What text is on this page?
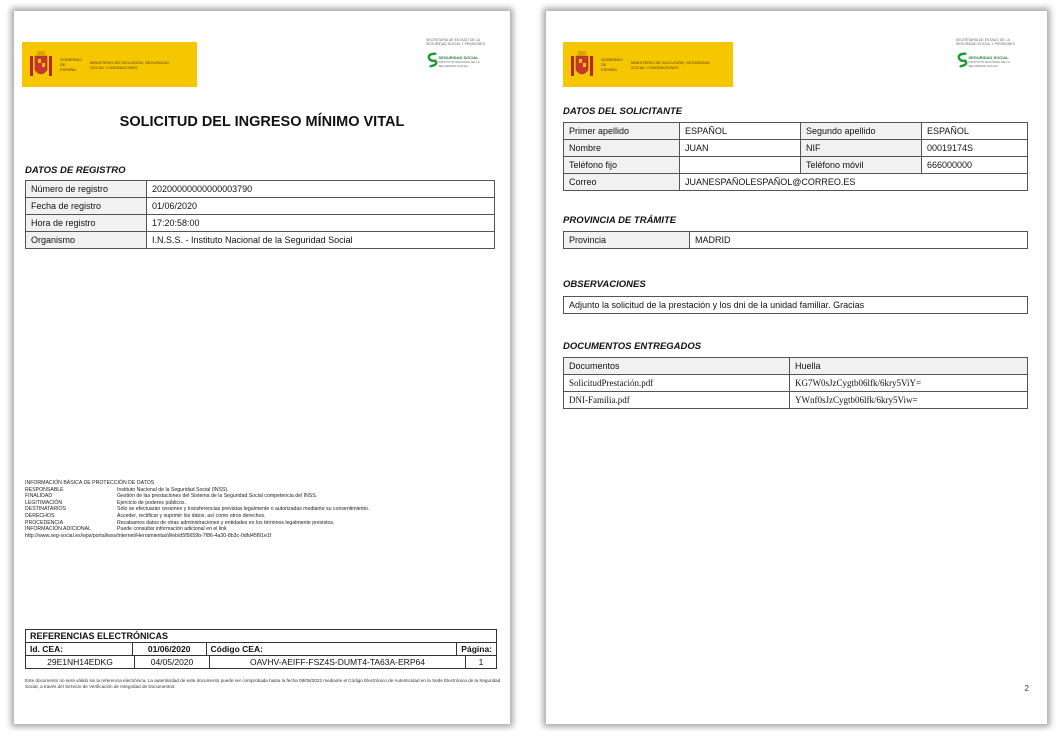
GOBIERNO DE ESPAÑA
MINISTERIO DE INCLUSIÓN, SEGURIDAD SOCIAL Y MIGRACIONES
SECRETARÍA DE ESTADO DE LA SEGURIDAD SOCIAL Y PENSIONES
SEGURIDAD SOCIAL
INSTITUTO NACIONAL DE LA SEGURIDAD SOCIAL
SOLICITUD DEL INGRESO MÍNIMO VITAL
DATOS DE REGISTRO
Número de registro	20200000000000003790
Fecha de registro	01/06/2020
Hora de registro	17:20:58:00
Organismo	I.N.S.S. - Instituto Nacional de la Seguridad Social
INFORMACIÓN BÁSICA DE PROTECCIÓN DE DATOS
RESPONSABLE	Instituto Nacional de la Seguridad Social (INSS).
FINALIDAD	Gestión de las prestaciones del Sistema de la Seguridad Social competencia del INSS.
LEGITIMACIÓN	Ejercicio de poderes públicos.
DESTINATARIOS	Sólo se efectuarán cesiones y transferencias previstas legalmente o autorizadas mediante su consentimiento.
DERECHOS	Acceder, rectificar y suprimir los datos, así como otros derechos.
PROCEDENCIA	Recabamos datos de otras administraciones y entidades en los términos legalmente previstos.
INFORMACIÓN ADICIONAL	Puede consultar información adicional en el link
http://www.seg-social.es/wps/portal/wss/internet/HerramientasWeb/d5f5659b-7f86-4a30-8b3c-0dfd45f91e1f
REFERENCIAS ELECTRÓNICAS
Id. CEA:	01/06/2020	Código CEA:	Página:
29E1NH14EDKG	04/05/2020	OAVHV-AEIFF-FSZ4S-DUMT4-TA63A-ERP64	1
Este documento no será válido sin la referencia electrónica. La autenticidad de este documento puede ser comprobada hasta la fecha 08/05/2022 mediante el Código Electrónico de Autenticidad en la Sede Electrónica de la Seguridad Social, a través del Servicio de Verificación de Integridad de Documentos.
GOBIERNO DE ESPAÑA
MINISTERIO DE INCLUSIÓN, SEGURIDAD SOCIAL Y MIGRACIONES
SECRETARÍA DE ESTADO DE LA SEGURIDAD SOCIAL Y PENSIONES
SEGURIDAD SOCIAL
INSTITUTO NACIONAL DE LA SEGURIDAD SOCIAL
DATOS DEL SOLICITANTE
Primer apellido	ESPAÑOL	Segundo apellido	ESPAÑOL
Nombre	JUAN	NIF	00019174S
Teléfono fijo		Teléfono móvil	666000000
Correo	JUANESPAÑOLESPAÑOL@CORREO.ES		
PROVINCIA DE TRÁMITE
Provincia	MADRID
OBSERVACIONES
Adjunto la solicitud de la prestación y los dni de la unidad familiar. Gracias
DOCUMENTOS ENTREGADOS
Documentos	Huella
SolicitudPrestación.pdf	KG7W0sJzCygtb06lfk/6kry5ViY=
DNI-Familia.pdf	YWnf0sJzCygtb06lfk/6kry5Viw=
2
